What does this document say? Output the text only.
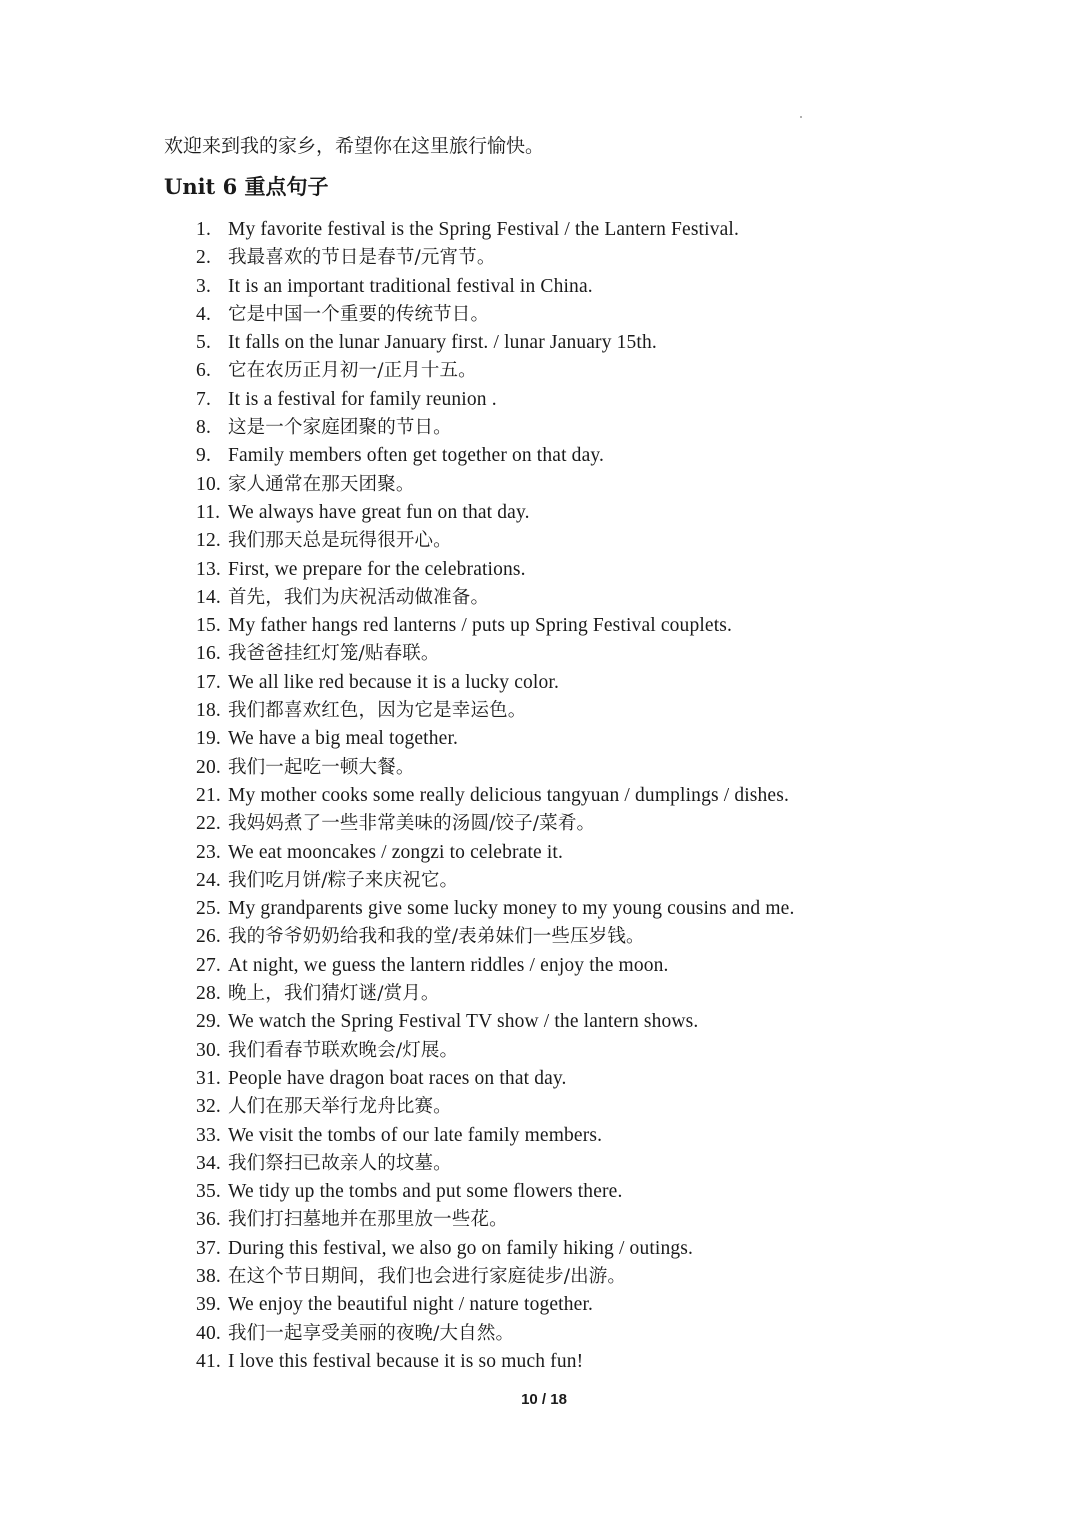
欢迎来到我的家乡，希望你在这里旅行愉快。
Unit 6 重点句子
1. My favorite festival is the Spring Festival / the Lantern Festival.
2. 我最喜欢的节日是春节/元宵节。
3. It is an important traditional festival in China.
4. 它是中国一个重要的传统节日。
5. It falls on the lunar January first. / lunar January 15th.
6. 它在农历正月初一/正月十五。
7. It is a festival for family reunion .
8. 这是一个家庭团聚的节日。
9. Family members often get together on that day.
10. 家人通常在那天团聚。
11. We always have great fun on that day.
12. 我们那天总是玩得很开心。
13. First, we prepare for the celebrations.
14. 首先，我们为庆祝活动做准备。
15. My father hangs red lanterns / puts up Spring Festival couplets.
16. 我爸爸挂红灯笼/贴春联。
17. We all like red because it is a lucky color.
18. 我们都喜欢红色，因为它是幸运色。
19. We have a big meal together.
20. 我们一起吃一顿大餐。
21. My mother cooks some really delicious tangyuan / dumplings / dishes.
22. 我妈妈煮了一些非常美味的汤圆/饺子/菜肴。
23. We eat mooncakes / zongzi to celebrate it.
24. 我们吃月饼/粽子来庆祝它。
25. My grandparents give some lucky money to my young cousins and me.
26. 我的爷爷奶奶给我和我的堂/表弟妹们一些压岁钱。
27. At night, we guess the lantern riddles / enjoy the moon.
28. 晚上，我们猜灯谜/赏月。
29. We watch the Spring Festival TV show / the lantern shows.
30. 我们看春节联欢晚会/灯展。
31. People have dragon boat races on that day.
32. 人们在那天举行龙舟比赛。
33. We visit the tombs of our late family members.
34. 我们祭扫已故亲人的坟墓。
35. We tidy up the tombs and put some flowers there.
36. 我们打扫墓地并在那里放一些花。
37. During this festival, we also go on family hiking / outings.
38. 在这个节日期间，我们也会进行家庭徒步/出游。
39. We enjoy the beautiful night / nature together.
40. 我们一起享受美丽的夜晚/大自然。
41. I love this festival because it is so much fun!
10 / 18
